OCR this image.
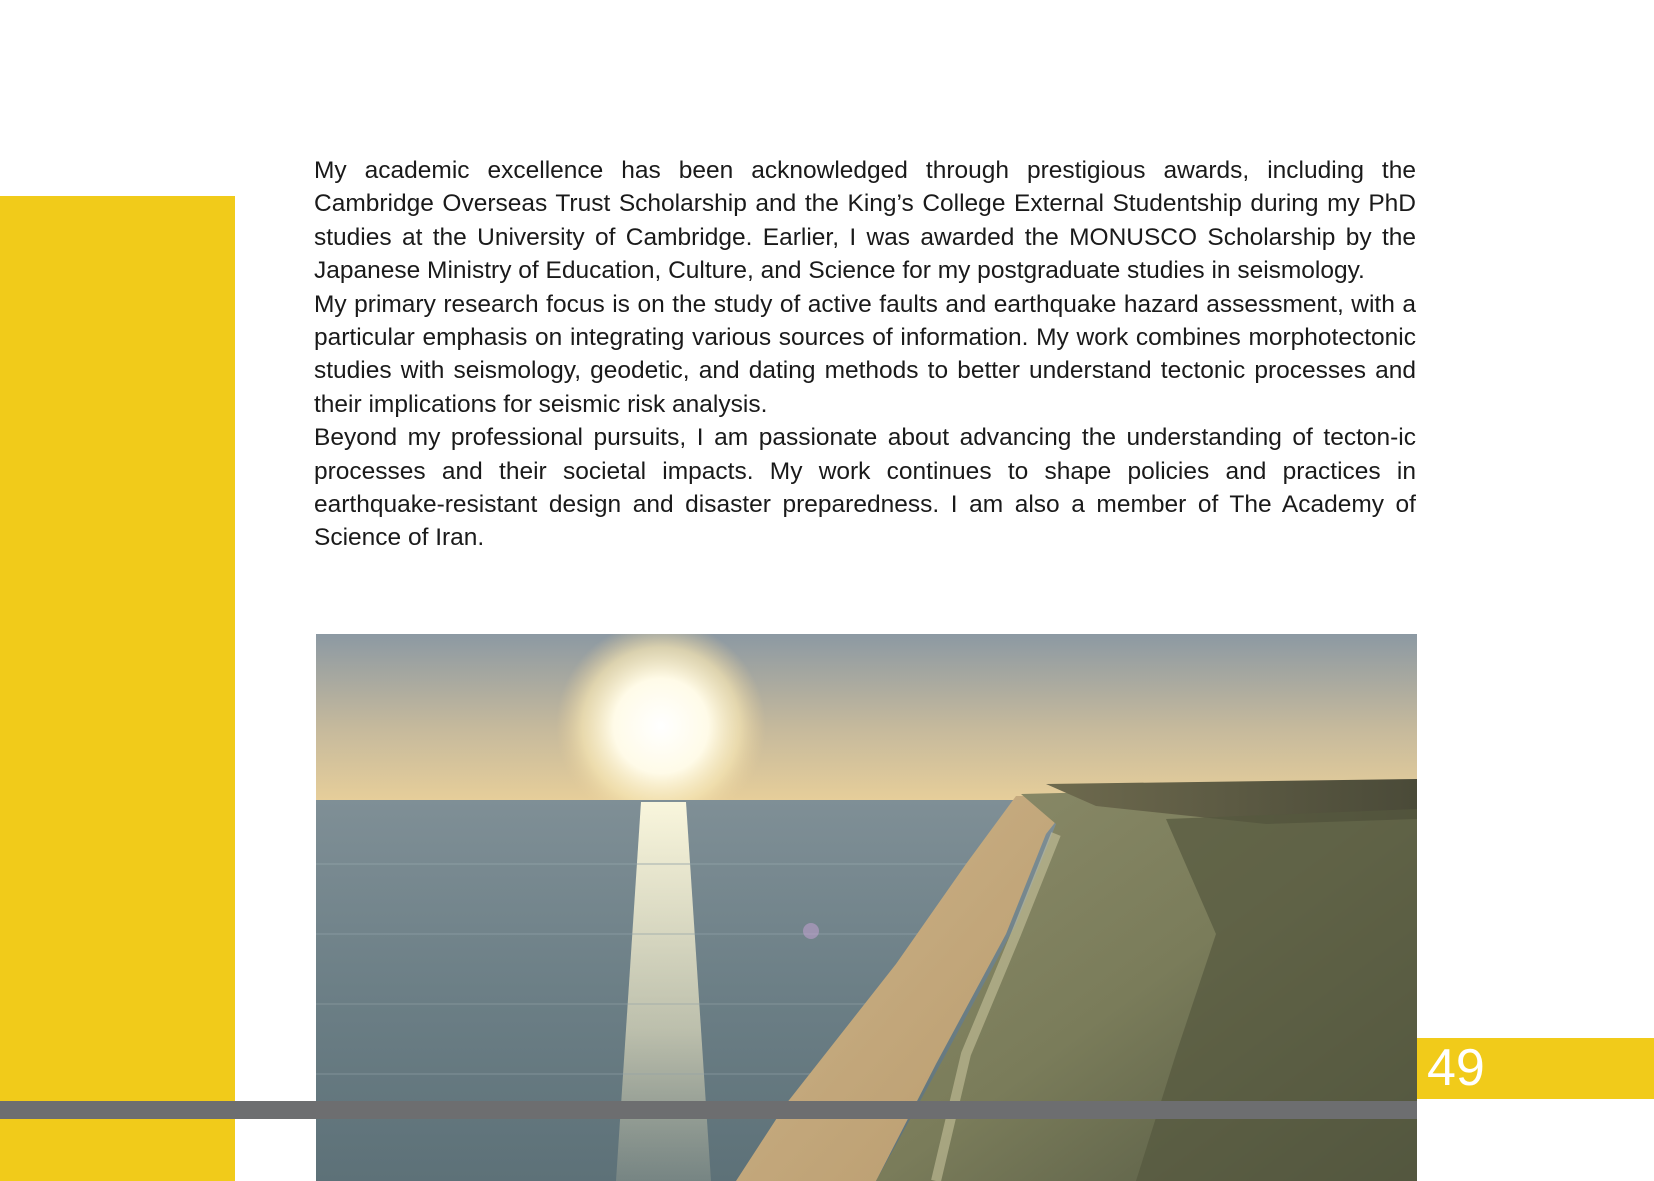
My academic excellence has been acknowledged through prestigious awards, including the Cambridge Overseas Trust Scholarship and the King’s College External Studentship during my PhD studies at the University of Cambridge. Earlier, I was awarded the MONUSCO Scholarship by the Japanese Ministry of Education, Culture, and Science for my postgraduate studies in seismology.

My primary research focus is on the study of active faults and earthquake hazard assessment, with a particular emphasis on integrating various sources of information. My work combines morphotectonic studies with seismology, geodetic, and dating methods to better understand tectonic processes and their implications for seismic risk analysis.

Beyond my professional pursuits, I am passionate about advancing the understanding of tecton-ic processes and their societal impacts. My work continues to shape policies and practices in earthquake-resistant design and disaster preparedness. I am also a member of The Academy of Science of Iran.

49
